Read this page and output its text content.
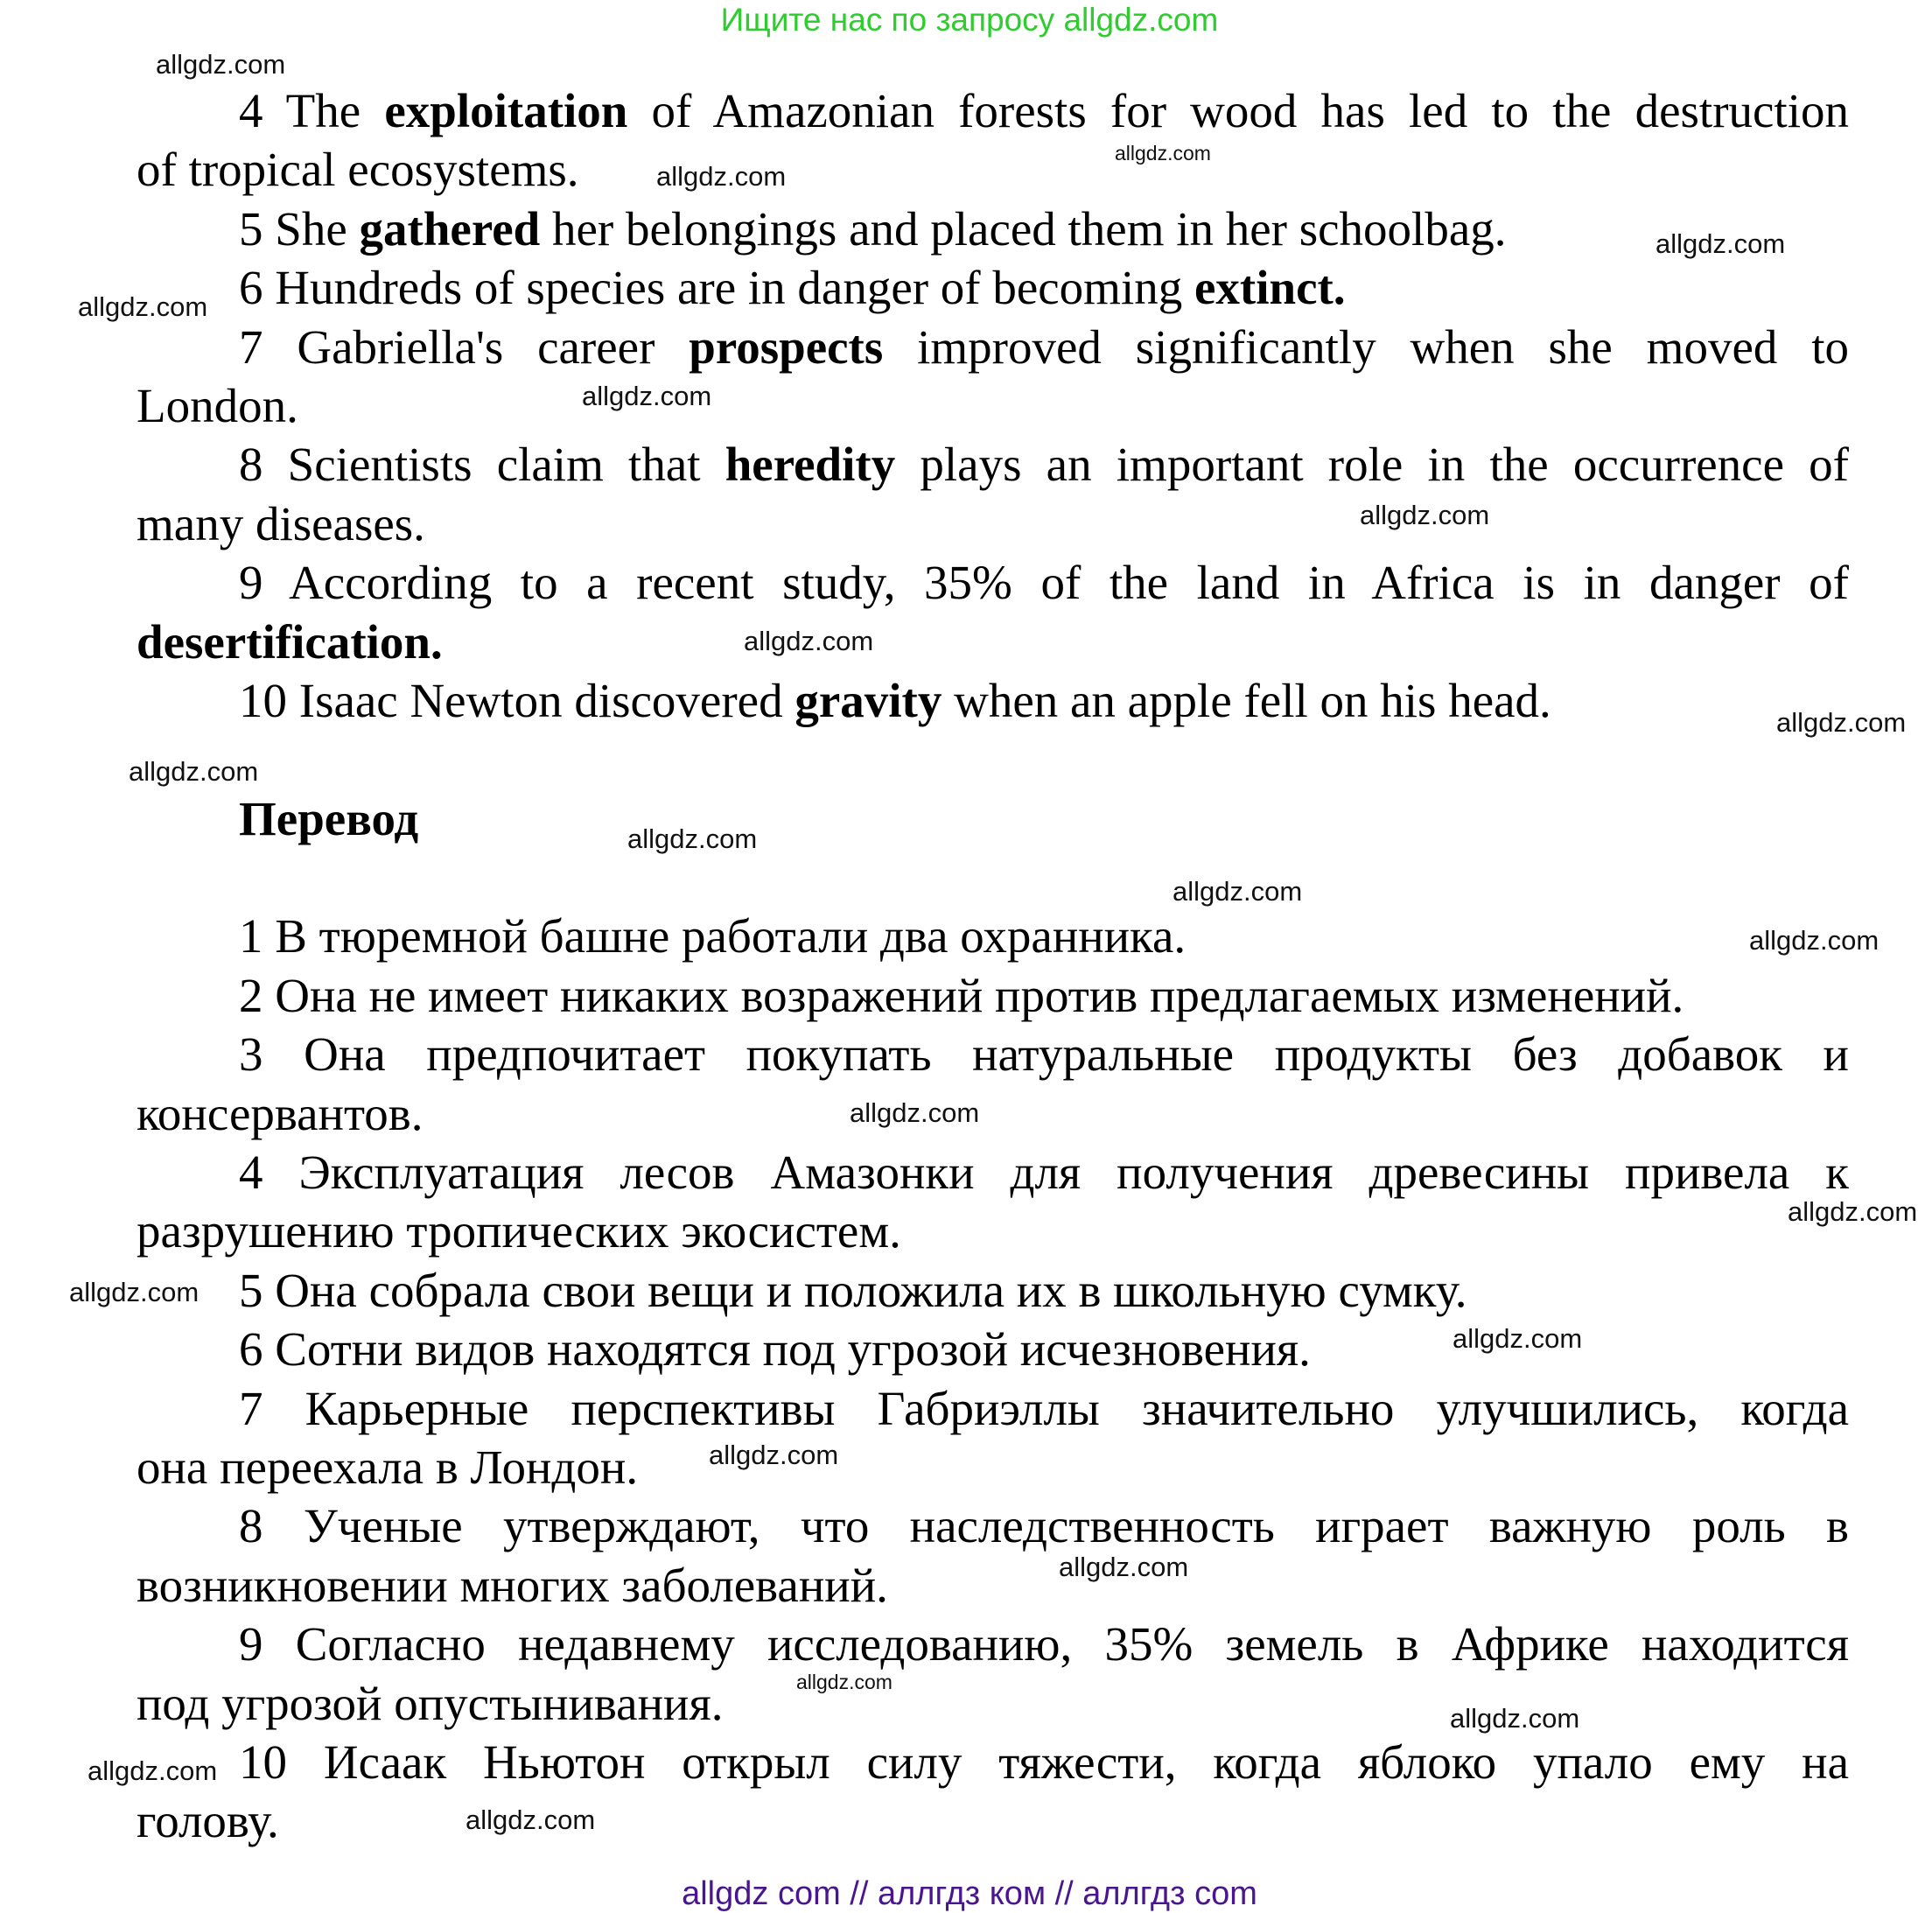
Ищите нас по запросу allgdz.com
4 The exploitation of Amazonian forests for wood has led to the destruction
of tropical ecosystems.
5 She gathered her belongings and placed them in her schoolbag.
6 Hundreds of species are in danger of becoming extinct.
7 Gabriella's career prospects improved significantly when she moved to
London.
8 Scientists claim that heredity plays an important role in the occurrence of
many diseases.
9 According to a recent study, 35% of the land in Africa is in danger of
desertification.
10 Isaac Newton discovered gravity when an apple fell on his head.
Перевод
1 В тюремной башне работали два охранника.
2 Она не имеет никаких возражений против предлагаемых изменений.
3 Она предпочитает покупать натуральные продукты без добавок и
консервантов.
4 Эксплуатация лесов Амазонки для получения древесины привела к
разрушению тропических экосистем.
5 Она собрала свои вещи и положила их в школьную сумку.
6 Сотни видов находятся под угрозой исчезновения.
7 Карьерные перспективы Габриэллы значительно улучшились, когда
она переехала в Лондон.
8 Ученые утверждают, что наследственность играет важную роль в
возникновении многих заболеваний.
9 Согласно недавнему исследованию, 35% земель в Африке находится
под угрозой опустынивания.
10 Исаак Ньютон открыл силу тяжести, когда яблоко упало ему на
голову.
allgdz.com
allgdz.com
allgdz.com
allgdz.com
allgdz.com
allgdz.com
allgdz.com
allgdz.com
allgdz.com
allgdz.com
allgdz.com
allgdz.com
allgdz.com
allgdz.com
allgdz.com
allgdz.com
allgdz.com
allgdz.com
allgdz.com
allgdz.com
allgdz.com
allgdz.com
allgdz.com
allgdz com // аллгдз ком // аллгдз com
